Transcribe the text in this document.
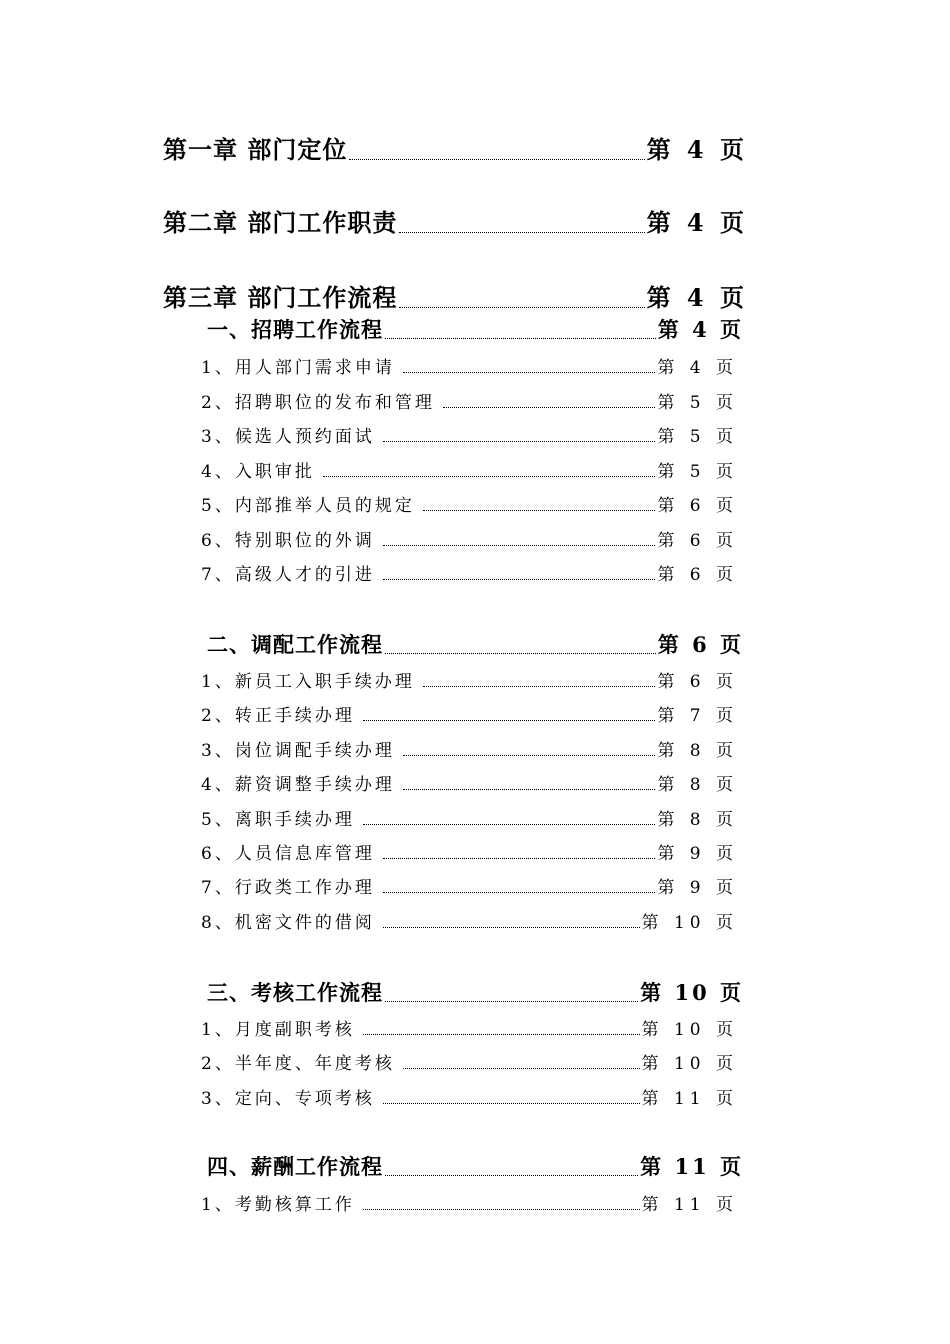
第一章 部门定位	第 4 页
第二章 部门工作职责	第 4 页
第三章 部门工作流程	第 4 页
一、招聘工作流程	第 4 页
1、用人部门需求申请	第 4 页
2、招聘职位的发布和管理	第 5 页
3、候选人预约面试	第 5 页
4、入职审批	第 5 页
5、内部推举人员的规定	第 6 页
6、特别职位的外调	第 6 页
7、高级人才的引进	第 6 页
二、调配工作流程	第 6 页
1、新员工入职手续办理	第 6 页
2、转正手续办理	第 7 页
3、岗位调配手续办理	第 8 页
4、薪资调整手续办理	第 8 页
5、离职手续办理	第 8 页
6、人员信息库管理	第 9 页
7、行政类工作办理	第 9 页
8、机密文件的借阅	第 10 页
三、考核工作流程	第 10 页
1、月度副职考核	第 10 页
2、半年度、年度考核	第 10 页
3、定向、专项考核	第 11 页
四、薪酬工作流程	第 11 页
1、考勤核算工作	第 11 页
